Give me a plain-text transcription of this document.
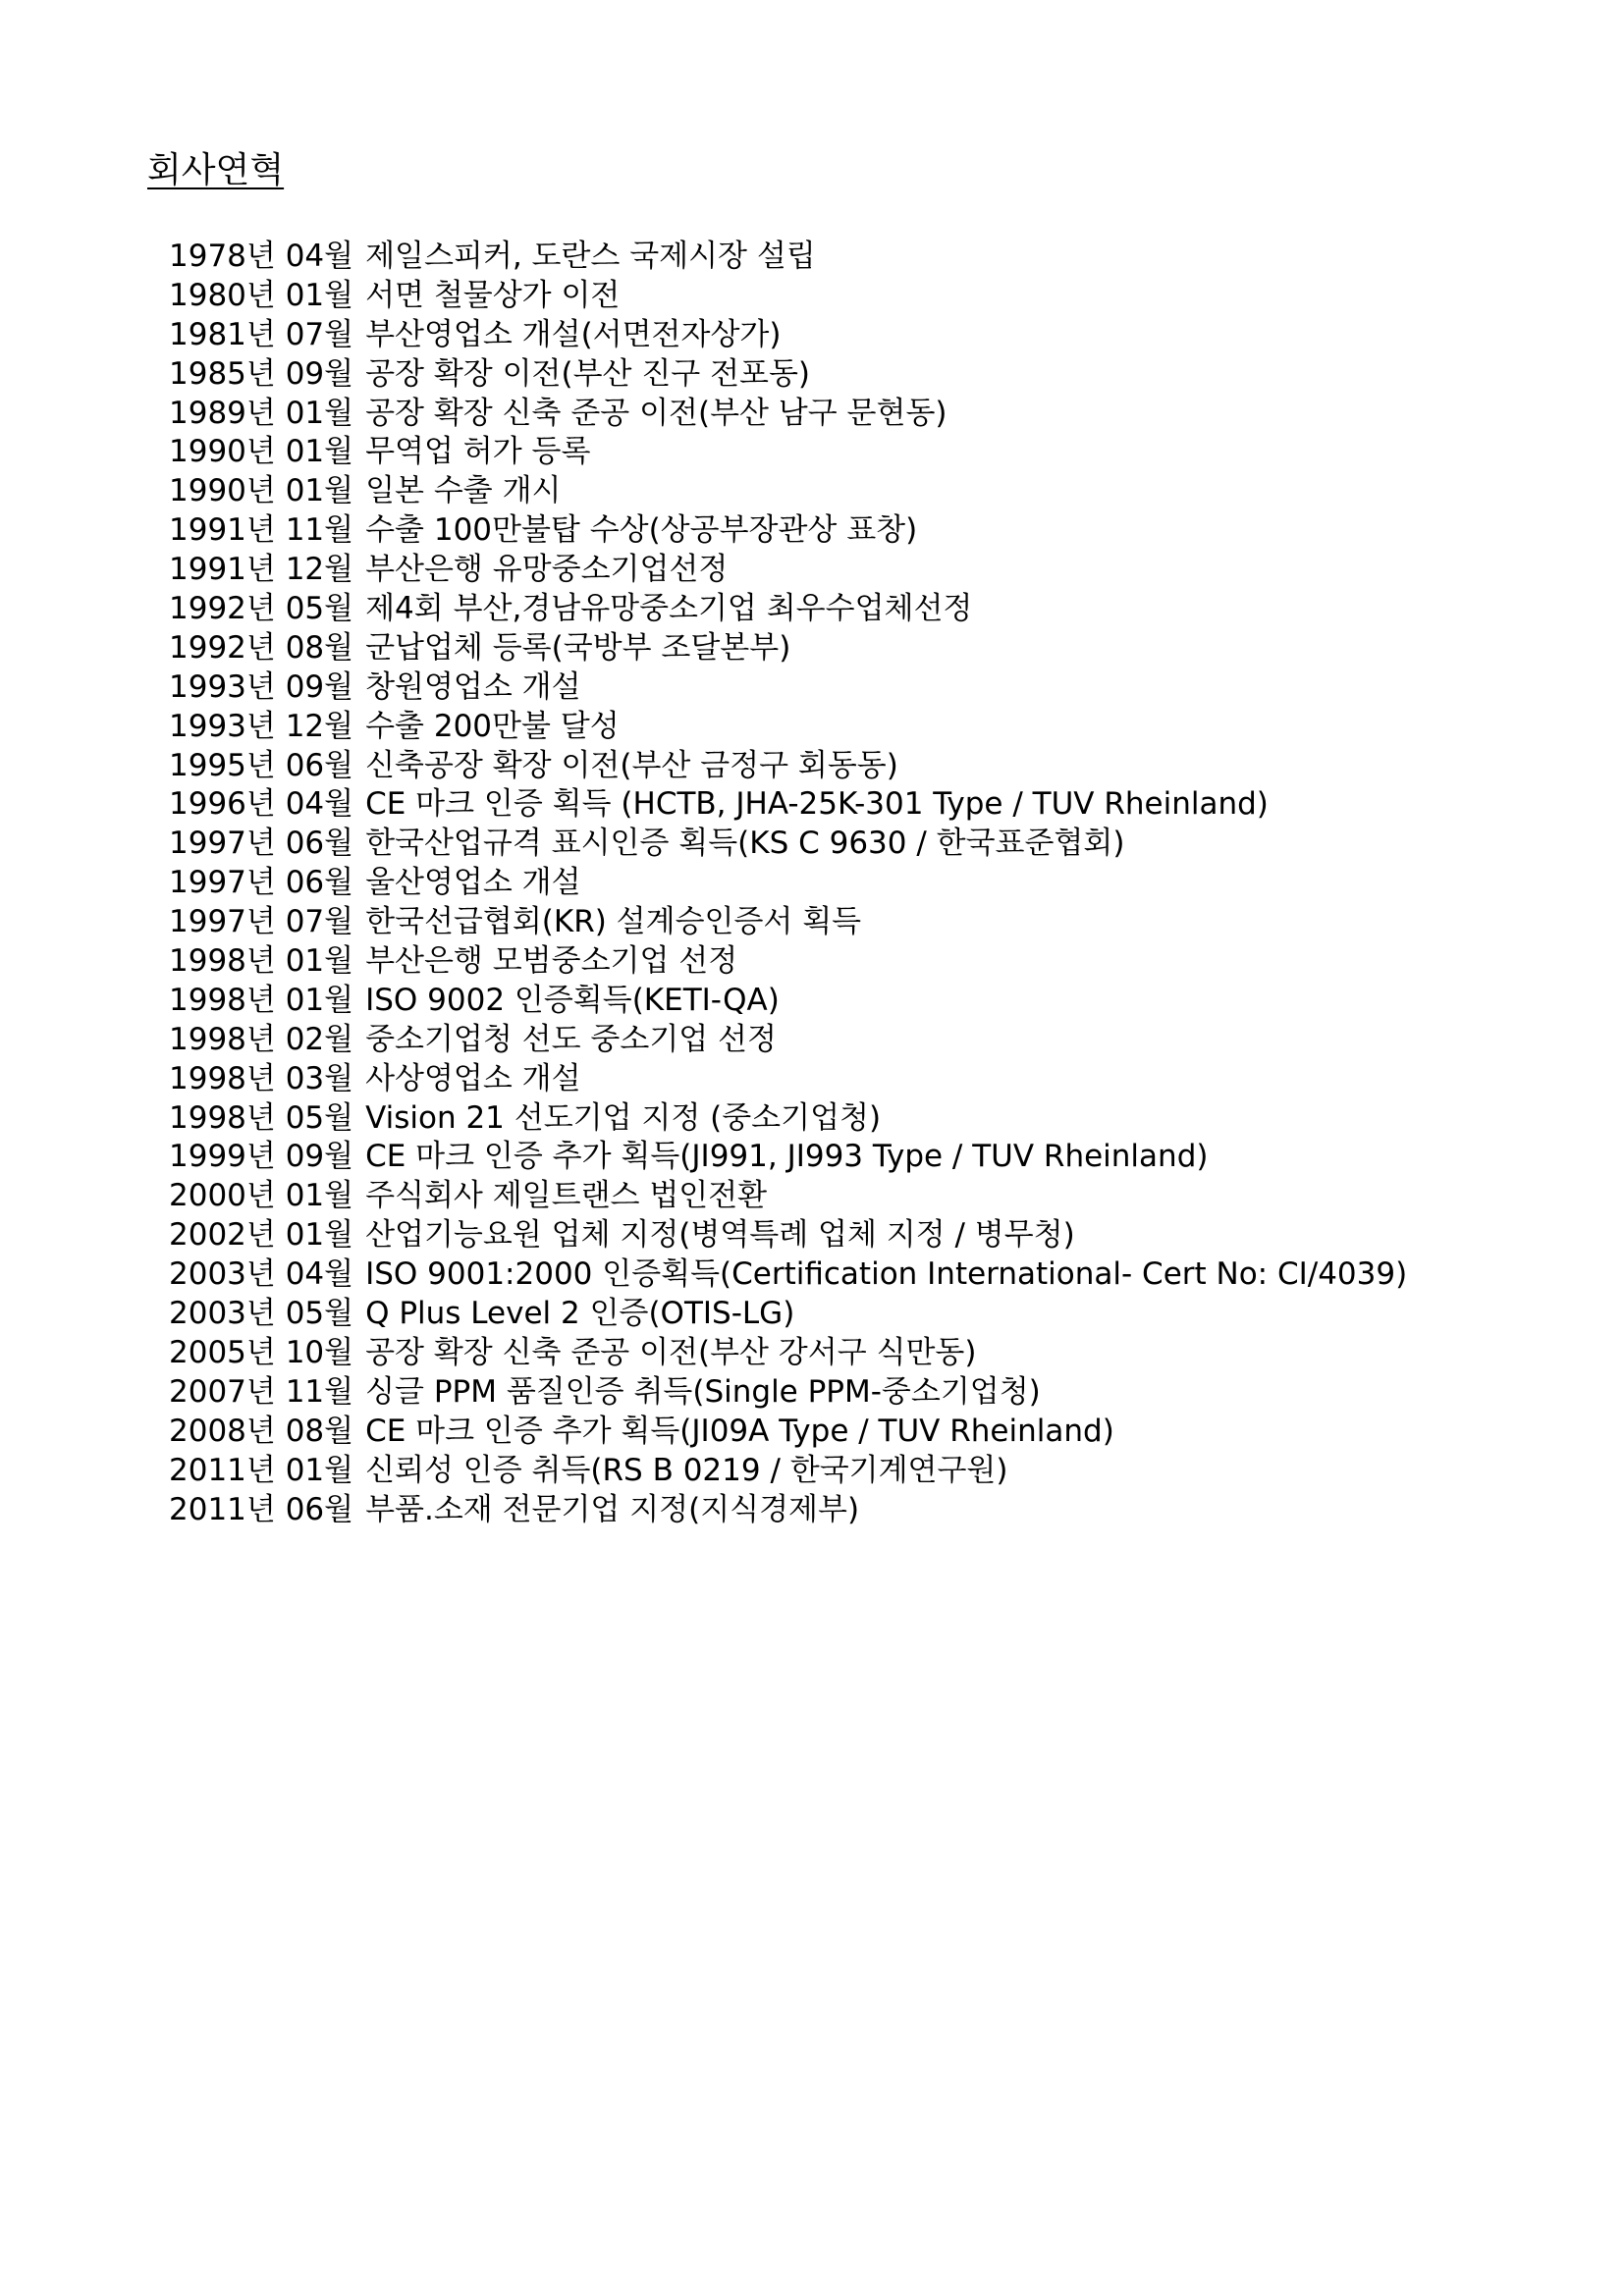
회사연혁
1978년 04월 제일스피커, 도란스 국제시장 설립
1980년 01월 서면 철물상가 이전
1981년 07월 부산영업소 개설(서면전자상가)
1985년 09월 공장 확장 이전(부산 진구 전포동)
1989년 01월 공장 확장 신축 준공 이전(부산 남구 문현동)
1990년 01월 무역업 허가 등록
1990년 01월 일본 수출 개시
1991년 11월 수출 100만불탑 수상(상공부장관상 표창)
1991년 12월 부산은행 유망중소기업선정
1992년 05월 제4회 부산,경남유망중소기업 최우수업체선정
1992년 08월 군납업체 등록(국방부 조달본부)
1993년 09월 창원영업소 개설
1993년 12월 수출 200만불 달성
1995년 06월 신축공장 확장 이전(부산 금정구 회동동)
1996년 04월 CE 마크 인증 획득 (HCTB, JHA-25K-301 Type / TUV Rheinland)
1997년 06월 한국산업규격 표시인증 획득(KS C 9630 / 한국표준협회)
1997년 06월 울산영업소 개설
1997년 07월 한국선급협회(KR) 설계승인증서 획득
1998년 01월 부산은행 모범중소기업 선정
1998년 01월 ISO 9002 인증획득(KETI-QA)
1998년 02월 중소기업청 선도 중소기업 선정
1998년 03월 사상영업소 개설
1998년 05월 Vision 21 선도기업 지정 (중소기업청)
1999년 09월 CE 마크 인증 추가 획득(JI991, JI993 Type / TUV Rheinland)
2000년 01월 주식회사 제일트랜스 법인전환
2002년 01월 산업기능요원 업체 지정(병역특례 업체 지정 / 병무청)
2003년 04월 ISO 9001:2000 인증획득(Certification International- Cert No: CI/4039)
2003년 05월 Q Plus Level 2 인증(OTIS-LG)
2005년 10월 공장 확장 신축 준공 이전(부산 강서구 식만동)
2007년 11월 싱글 PPM 품질인증 취득(Single PPM-중소기업청)
2008년 08월 CE 마크 인증 추가 획득(JI09A Type / TUV Rheinland)
2011년 01월 신뢰성 인증 취득(RS B 0219 / 한국기계연구원)
2011년 06월 부품.소재 전문기업 지정(지식경제부)
